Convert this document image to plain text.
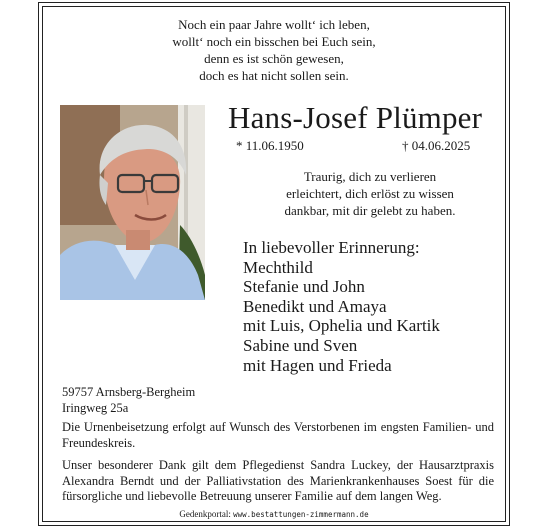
Noch ein paar Jahre wollt‘ ich leben,
wollt‘ noch ein bisschen bei Euch sein,
denn es ist schön gewesen,
doch es hat nicht sollen sein.
Hans-Josef Plümper
* 11.06.1950	† 04.06.2025
Traurig, dich zu verlieren
erleichtert, dich erlöst zu wissen
dankbar, mit dir gelebt zu haben.
In liebevoller Erinnerung:
Mechthild
Stefanie und John
Benedikt und Amaya
mit Luis, Ophelia und Kartik
Sabine und Sven
mit Hagen und Frieda
59757 Arnsberg-Bergheim
Iringweg 25a
Die Urnenbeisetzung erfolgt auf Wunsch des Verstorbenen im engsten Familien- und Freundeskreis.
Unser besonderer Dank gilt dem Pflegedienst Sandra Luckey, der Hausarztpraxis Alexandra Berndt und der Palliativstation des Marienkrankenhauses Soest für die fürsorgliche und liebevolle Betreuung unserer Familie auf dem langen Weg.
Gedenkportal: www.bestattungen-zimmermann.de
